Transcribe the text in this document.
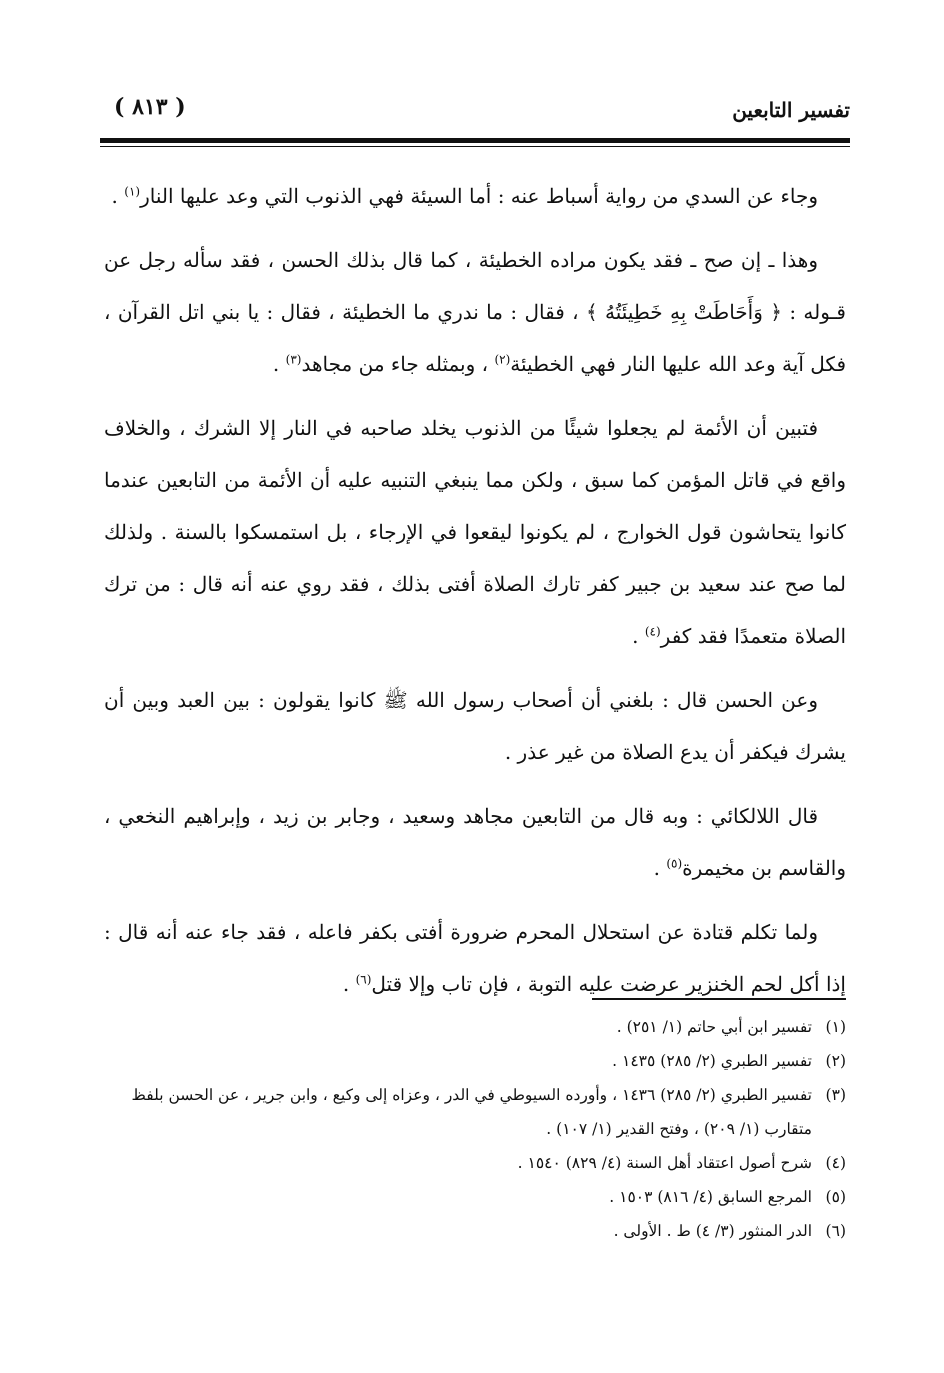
تفسير التابعين
( ٨١٣ )

وجاء عن السدي من رواية أسباط عنه : أما السيئة فهي الذنوب التي وعد عليها النار$^{(١)}$ .

وهذا ـ إن صح ـ فقد يكون مراده الخطيئة ، كما قال بذلك الحسن ، فقد سأله رجل عن قـوله : ﴿ وَأَحَاطَتْ بِهِ خَطِيئَتُهُ ﴾ ، فقال : ما ندري ما الخطيئة ، فقال : يا بني اتل القرآن ، فكل آية وعد الله عليها النار فهي الخطيئة$^{(٢)}$ ، وبمثله جاء من مجاهد$^{(٣)}$ .

فتبين أن الأئمة لم يجعلوا شيئًا من الذنوب يخلد صاحبه في النار إلا الشرك ، والخلاف واقع في قاتل المؤمن كما سبق ، ولكن مما ينبغي التنبيه عليه أن الأئمة من التابعين عندما كانوا يتحاشون قول الخوارج ، لم يكونوا ليقعوا في الإرجاء ، بل استمسكوا بالسنة . ولذلك لما صح عند سعيد بن جبير كفر تارك الصلاة أفتى بذلك ، فقد روي عنه أنه قال : من ترك الصلاة متعمدًا فقد كفر$^{(٤)}$ .

وعن الحسن قال : بلغني أن أصحاب رسول الله ﷺ كانوا يقولون : بين العبد وبين أن يشرك فيكفر أن يدع الصلاة من غير عذر .

قال اللالكائي : وبه قال من التابعين مجاهد وسعيد ، وجابر بن زيد ، وإبراهيم النخعي ، والقاسم بن مخيمرة$^{(٥)}$ .

ولما تكلم قتادة عن استحلال المحرم ضرورة أفتى بكفر فاعله ، فقد جاء عنه أنه قال : إذا أكل لحم الخنزير عرضت عليه التوبة ، فإن تاب وإلا قتل$^{(٦)}$ .

(١)
تفسير ابن أبي حاتم (١/ ٢٥١) .
(٢)
تفسير الطبري (٢/ ٢٨٥) ١٤٣٥ .
(٣)
تفسير الطبري (٢/ ٢٨٥) ١٤٣٦ ، وأورده السيوطي في الدر ، وعزاه إلى وكيع ، وابن جرير ، عن الحسن بلفظ متقارب (١/ ٢٠٩) ، وفتح القدير (١/ ١٠٧) .
(٤)
شرح أصول اعتقاد أهل السنة (٤/ ٨٢٩) ١٥٤٠ .
(٥)
المرجع السابق (٤/ ٨١٦) ١٥٠٣ .
(٦)
الدر المنثور (٣/ ٤) ط . الأولى .
